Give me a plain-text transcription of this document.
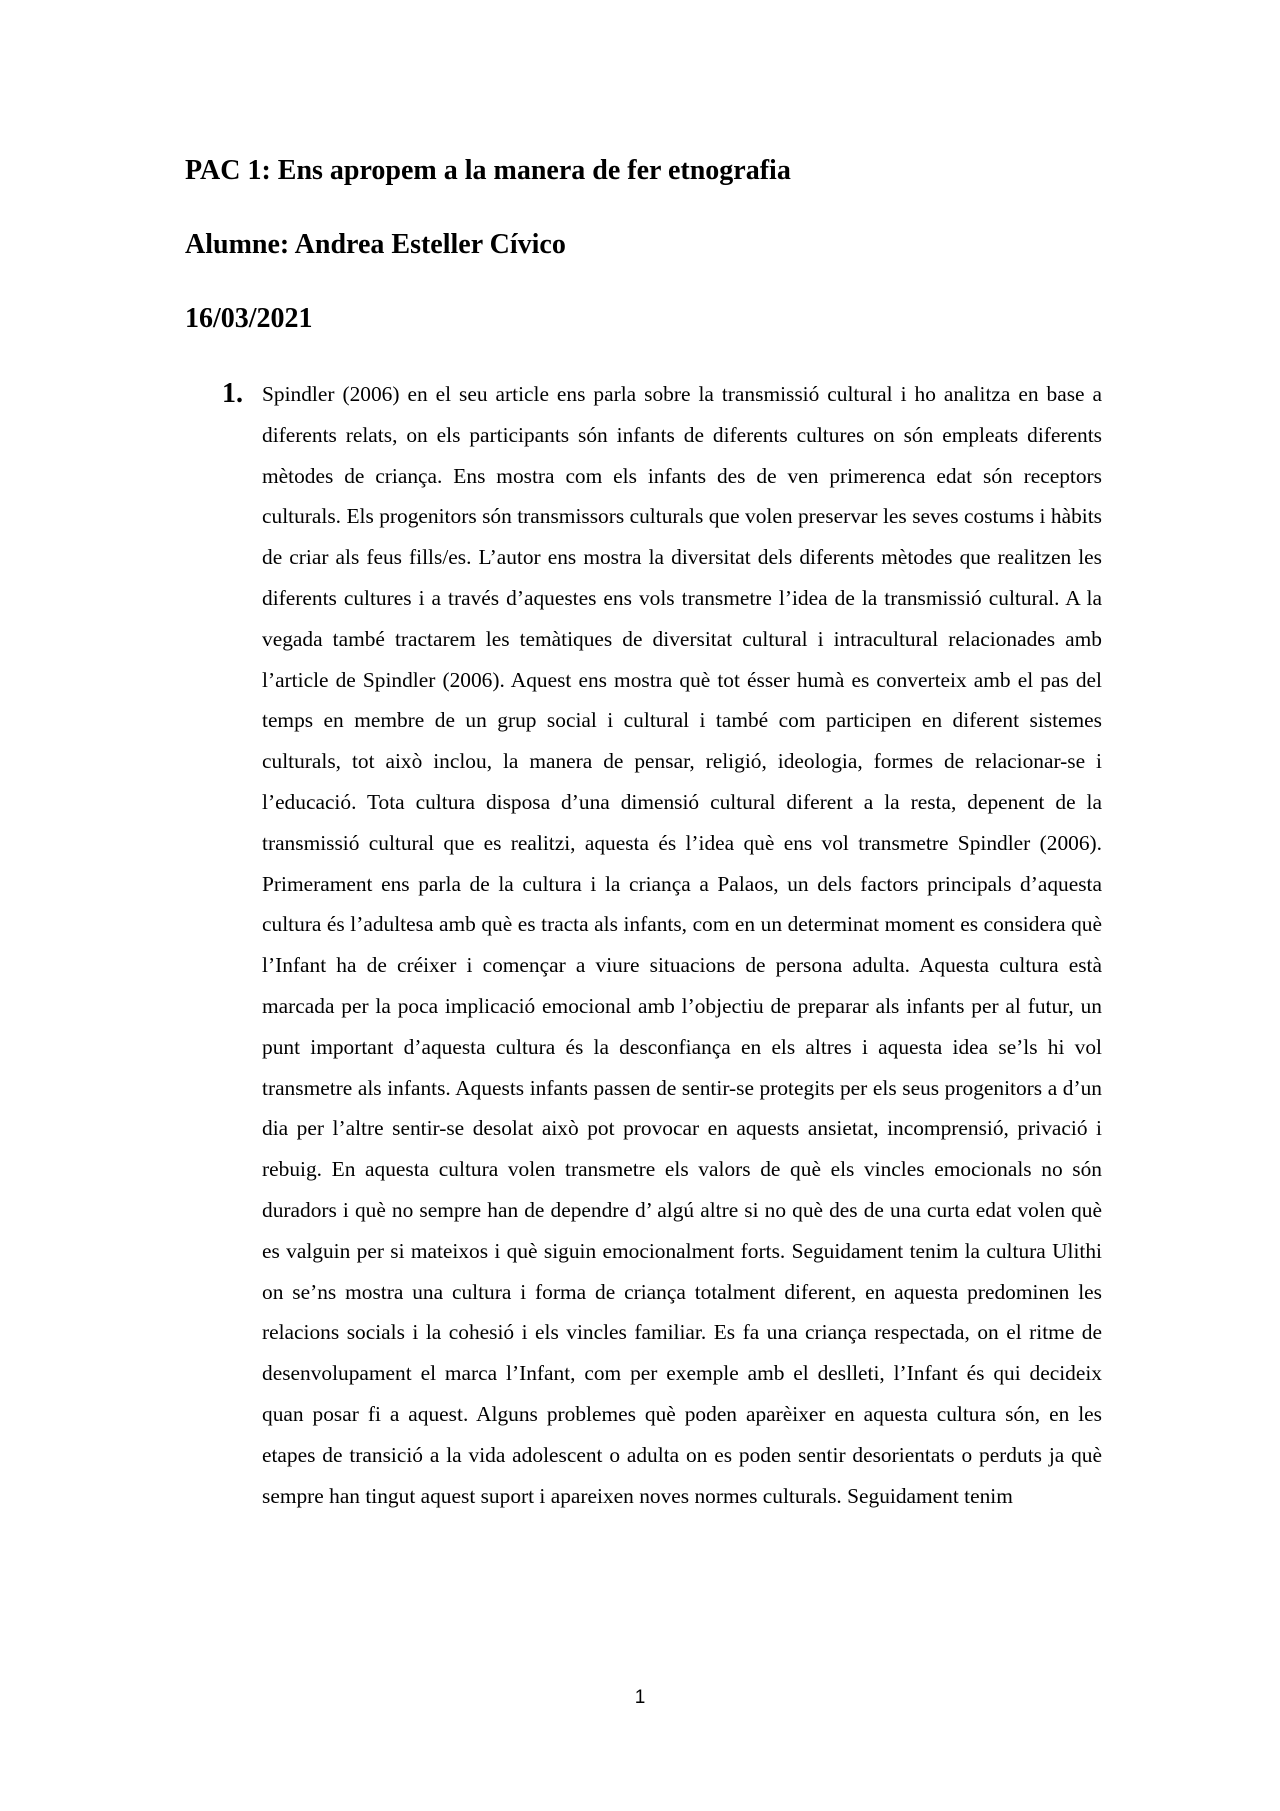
PAC 1: Ens apropem a la manera de fer etnografia
Alumne: Andrea Esteller Cívico
16/03/2021
1. Spindler (2006) en el seu article ens parla sobre la transmissió cultural i ho analitza en base a diferents relats, on els participants són infants de diferents cultures on són empleats diferents mètodes de criança. Ens mostra com els infants des de ven primerenca edat són receptors culturals. Els progenitors són transmissors culturals que volen preservar les seves costums i hàbits de criar als feus fills/es. L’autor ens mostra la diversitat dels diferents mètodes que realitzen les diferents cultures i a través d’aquestes ens vols transmetre l’idea de la transmissió cultural. A la vegada també tractarem les temàtiques de diversitat cultural i intracultural relacionades amb l’article de Spindler (2006). Aquest ens mostra què tot ésser humà es converteix amb el pas del temps en membre de un grup social i cultural i també com participen en diferent sistemes culturals, tot això inclou, la manera de pensar, religió, ideologia, formes de relacionar-se i l’educació. Tota cultura disposa d’una dimensió cultural diferent a la resta, depenent de la transmissió cultural que es realitzi, aquesta és l’idea què ens vol transmetre Spindler (2006). Primerament ens parla de la cultura i la criança a Palaos, un dels factors principals d’aquesta cultura és l’adultesa amb què es tracta als infants, com en un determinat moment es considera què l’Infant ha de créixer i començar a viure situacions de persona adulta. Aquesta cultura està marcada per la poca implicació emocional amb l’objectiu de preparar als infants per al futur, un punt important d’aquesta cultura és la desconfiança en els altres i aquesta idea se’ls hi vol transmetre als infants. Aquests infants passen de sentir-se protegits per els seus progenitors a d’un dia per l’altre sentir-se desolat això pot provocar en aquests ansietat, incomprensió, privació i rebuig. En aquesta cultura volen transmetre els valors de què els vincles emocionals no són duradors i què no sempre han de dependre d’ algú altre si no què des de una curta edat volen què es valguin per si mateixos i què siguin emocionalment forts. Seguidament tenim la cultura Ulithi on se’ns mostra una cultura i forma de criança totalment diferent, en aquesta predominen les relacions socials i la cohesió i els vincles familiar. Es fa una criança respectada, on el ritme de desenvolupament el marca l’Infant, com per exemple amb el deslleti, l’Infant és qui decideix quan posar fi a aquest. Alguns problemes què poden aparèixer en aquesta cultura són, en les etapes de transició a la vida adolescent o adulta on es poden sentir desorientats o perduts ja què sempre han tingut aquest suport i apareixen noves normes culturals. Seguidament tenim

1
